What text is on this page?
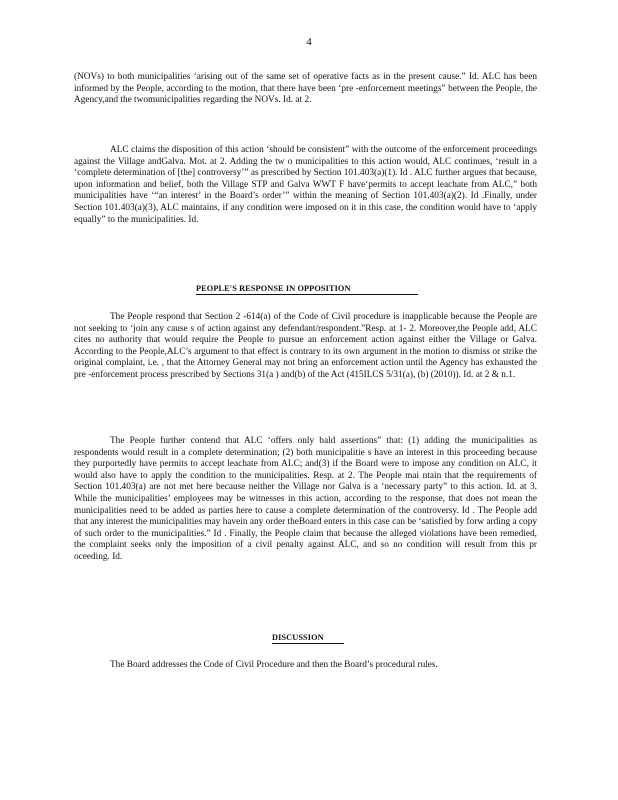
4

(NOVs) to both municipalities ‘arising out of the same set of operative facts as in the present cause.” Id. ALC has been informed by the People, according to the motion, that there have been ‘pre -enforcement meetings” between the People, the Agency,and the twomunicipalities regarding the NOVs. Id. at 2.

ALC claims the disposition of this action ‘should be consistent” with the outcome of the enforcement proceedings against the Village andGalva. Mot. at 2. Adding the tw o municipalities to this action would, ALC continues, ‘result in a ‘complete determination of [the] controversy’” as prescribed by Section 101.403(a)(1). Id . ALC further argues that because, upon information and belief, both the Village STP and Galva WWT F have‘permits to accept leachate from ALC,” both municipalities have ‘“an interest’ in the Board’s order’” within the meaning of Section 101.403(a)(2). Id .Finally, under Section 101.403(a)(3), ALC maintains, if any condition were imposed on it in this case, the condition would have to ‘apply equally” to the municipalities. Id.

PEOPLE'S RESPONSE IN OPPOSITION

The People respond that Section 2 -614(a) of the Code of Civil procedure is inapplicable because the People are not seeking to ‘join any cause s of action against any defendant/respondent.”Resp. at 1- 2. Moreover,the People add, ALC cites no authority that would require the People to pursue an enforcement action against either the Village or Galva. According to the People,ALC’s argument to that effect is contrary to its own argument in the motion to dismiss or strike the original complaint, i.e. , that the Attorney General may not bring an enforcement action until the Agency has exhausted the pre -enforcement process prescribed by Sections 31(a ) and(b) of the Act (415ILCS 5/31(a), (b) (2010)). Id. at 2 & n.1.

The People further contend that ALC ‘offers only bald assertions” that: (1) adding the municipalities as respondents would result in a complete determination; (2) both municipalitie s have an interest in this proceeding because they purportedly have permits to accept leachate from ALC; and(3) if the Board were to impose any condition on ALC, it would also have to apply the condition to the municipalities. Resp. at 2. The People mai ntain that the requirements of Section 101.403(a) are not met here because neither the Village nor Galva is a ‘necessary party” to this action. Id. at 3. While the municipalities’ employees may be witnesses in this action, according to the response, that does not mean the municipalities need to be added as parties here to cause a complete determination of the controversy. Id . The People add that any interest the municipalities may havein any order theBoard enters in this case can be ‘satisfied by forw arding a copy of such order to the municipalities.” Id . Finally, the People claim that because the alleged violations have been remedied, the complaint seeks only the imposition of a civil penalty against ALC, and so no condition will result from this pr oceeding. Id.

DISCUSSION

The Board addresses the Code of Civil Procedure and then the Board’s procedural rules.
